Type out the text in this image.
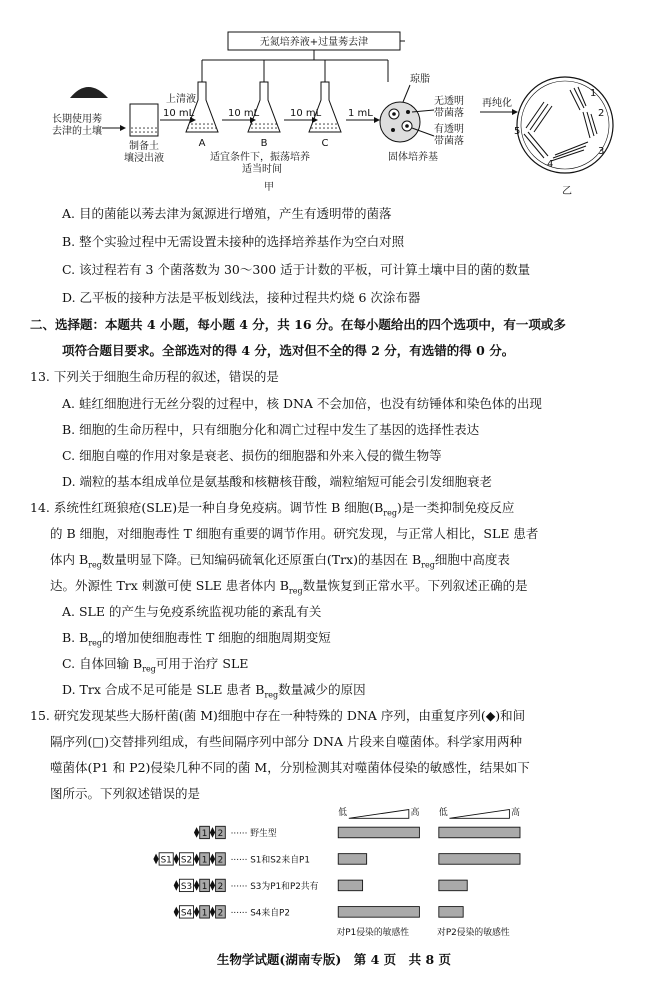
无氮培养液+过量莠去津
长期使用莠
去津的土壤
制备土
壤浸出液
上清液
10 mL
A
10 mL
B
10 mL
C
适宜条件下，振荡培养
适当时间
甲
1 mL
琼脂
固体培养基
无透明
带菌落
有透明
带菌落
再纯化
1
2
3
4
5
乙
A. 目的菌能以莠去津为氮源进行增殖，产生有透明带的菌落
B. 整个实验过程中无需设置未接种的选择培养基作为空白对照
C. 该过程若有 3 个菌落数为 30～300 适于计数的平板，可计算土壤中目的菌的数量
D. 乙平板的接种方法是平板划线法，接种过程共灼烧 6 次涂布器
二、选择题：本题共 4 小题，每小题 4 分，共 16 分。在每小题给出的四个选项中，有一项或多
项符合题目要求。全部选对的得 4 分，选对但不全的得 2 分，有选错的得 0 分。
13. 下列关于细胞生命历程的叙述，错误的是
A. 蛙红细胞进行无丝分裂的过程中，核 DNA 不会加倍，也没有纺锤体和染色体的出现
B. 细胞的生命历程中，只有细胞分化和凋亡过程中发生了基因的选择性表达
C. 细胞自噬的作用对象是衰老、损伤的细胞器和外来入侵的微生物等
D. 端粒的基本组成单位是氨基酸和核糖核苷酸，端粒缩短可能会引发细胞衰老
14. 系统性红斑狼疮(SLE)是一种自身免疫病。调节性 B 细胞$(B_{reg})$是一类抑制免疫反应
的 B 细胞，对细胞毒性 T 细胞有重要的调节作用。研究发现，与正常人相比，SLE 患者
体内 $B_{reg}$数量明显下降。已知编码硫氧化还原蛋白(Trx)的基因在 $B_{reg}$细胞中高度表
达。外源性 Trx 刺激可使 SLE 患者体内 $B_{reg}$数量恢复到正常水平。下列叙述正确的是
A. SLE 的产生与免疫系统监视功能的紊乱有关
B. $B_{reg}$的增加使细胞毒性 T 细胞的细胞周期变短
C. 自体回输 $B_{reg}$可用于治疗 SLE
D. Trx 合成不足可能是 SLE 患者 $B_{reg}$数量减少的原因
15. 研究发现某些大肠杆菌(菌 M)细胞中存在一种特殊的 DNA 序列，由重复序列(◆)和间
隔序列(□)交替排列组成，有些间隔序列中部分 DNA 片段来自噬菌体。科学家用两种
噬菌体(P1 和 P2)侵染几种不同的菌 M，分别检测其对噬菌体侵染的敏感性，结果如下
图所示。下列叙述错误的是
低	高 低	高
2
1 ······ 野生型
2
1
S2
S1	······ S1和S2来自P1
2
1
S3	······ S3为P1和P2共有
2
1
S4	······ S4来自P2
对P1侵染的敏感性	对P2侵染的敏感性
生物学试题(湖南专版)　第 4 页　共 8 页
